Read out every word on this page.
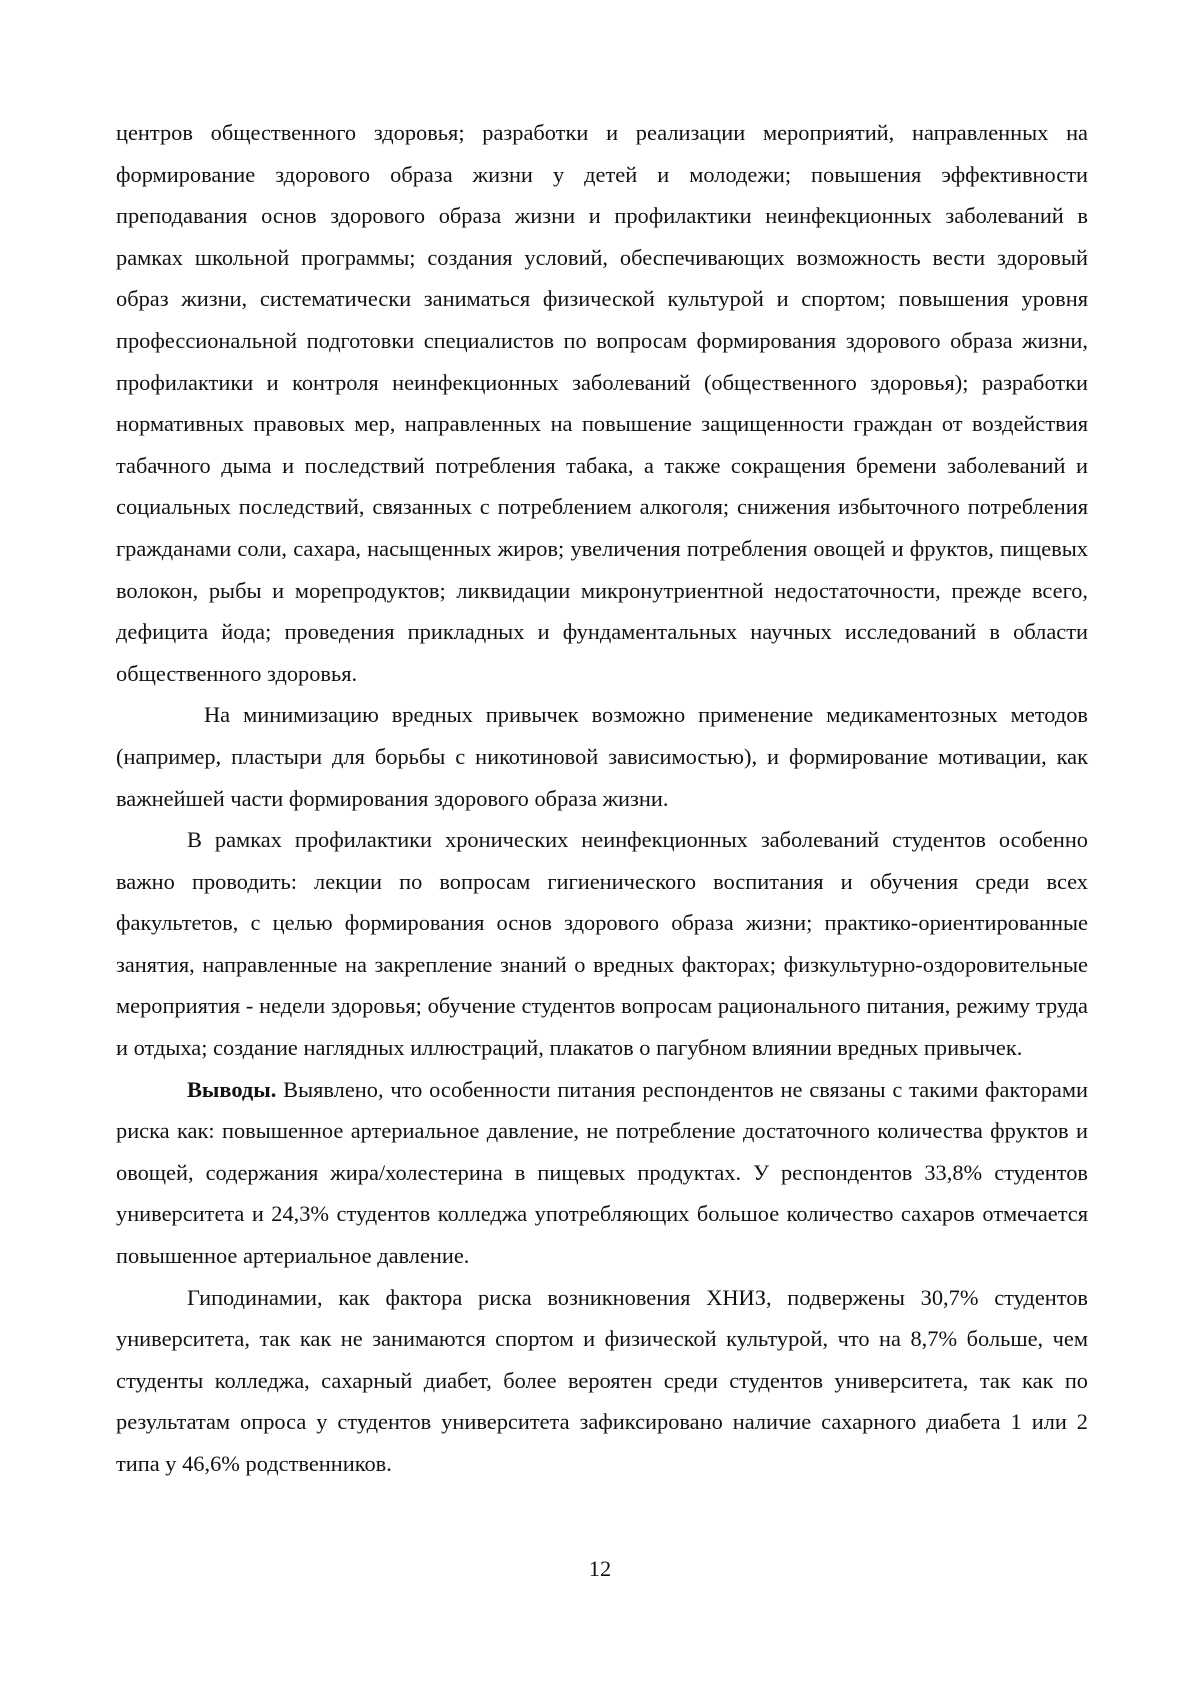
центров общественного здоровья; разработки и реализации мероприятий, направленных на формирование здорового образа жизни у детей и молодежи; повышения эффективности преподавания основ здорового образа жизни и профилактики неинфекционных заболеваний в рамках школьной программы; создания условий, обеспечивающих возможность вести здоровый образ жизни, систематически заниматься физической культурой и спортом; повышения уровня профессиональной подготовки специалистов по вопросам формирования здорового образа жизни, профилактики и контроля неинфекционных заболеваний (общественного здоровья); разработки нормативных правовых мер, направленных на повышение защищенности граждан от воздействия табачного дыма и последствий потребления табака, а также сокращения бремени заболеваний и социальных последствий, связанных с потреблением алкоголя; снижения избыточного потребления гражданами соли, сахара, насыщенных жиров; увеличения потребления овощей и фруктов, пищевых волокон, рыбы и морепродуктов; ликвидации микронутриентной недостаточности, прежде всего, дефицита йода; проведения прикладных и фундаментальных научных исследований в области общественного здоровья.

На минимизацию вредных привычек возможно применение медикаментозных методов (например, пластыри для борьбы с никотиновой зависимостью), и формирование мотивации, как важнейшей части формирования здорового образа жизни.

В рамках профилактики хронических неинфекционных заболеваний студентов особенно важно проводить: лекции по вопросам гигиенического воспитания и обучения среди всех факультетов, с целью формирования основ здорового образа жизни; практико-ориентированные занятия, направленные на закрепление знаний о вредных факторах; физкультурно-оздоровительные мероприятия - недели здоровья; обучение студентов вопросам рационального питания, режиму труда и отдыха; создание наглядных иллюстраций, плакатов о пагубном влиянии вредных привычек.

Выводы. Выявлено, что особенности питания респондентов не связаны с такими факторами риска как: повышенное артериальное давление, не потребление достаточного количества фруктов и овощей, содержания жира/холестерина в пищевых продуктах. У респондентов 33,8% студентов университета и 24,3% студентов колледжа употребляющих большое количество сахаров отмечается повышенное артериальное давление.

Гиподинамии, как фактора риска возникновения ХНИЗ, подвержены 30,7% студентов университета, так как не занимаются спортом и физической культурой, что на 8,7% больше, чем студенты колледжа, сахарный диабет, более вероятен среди студентов университета, так как по результатам опроса у студентов университета зафиксировано наличие сахарного диабета 1 или 2 типа у 46,6% родственников.

12
